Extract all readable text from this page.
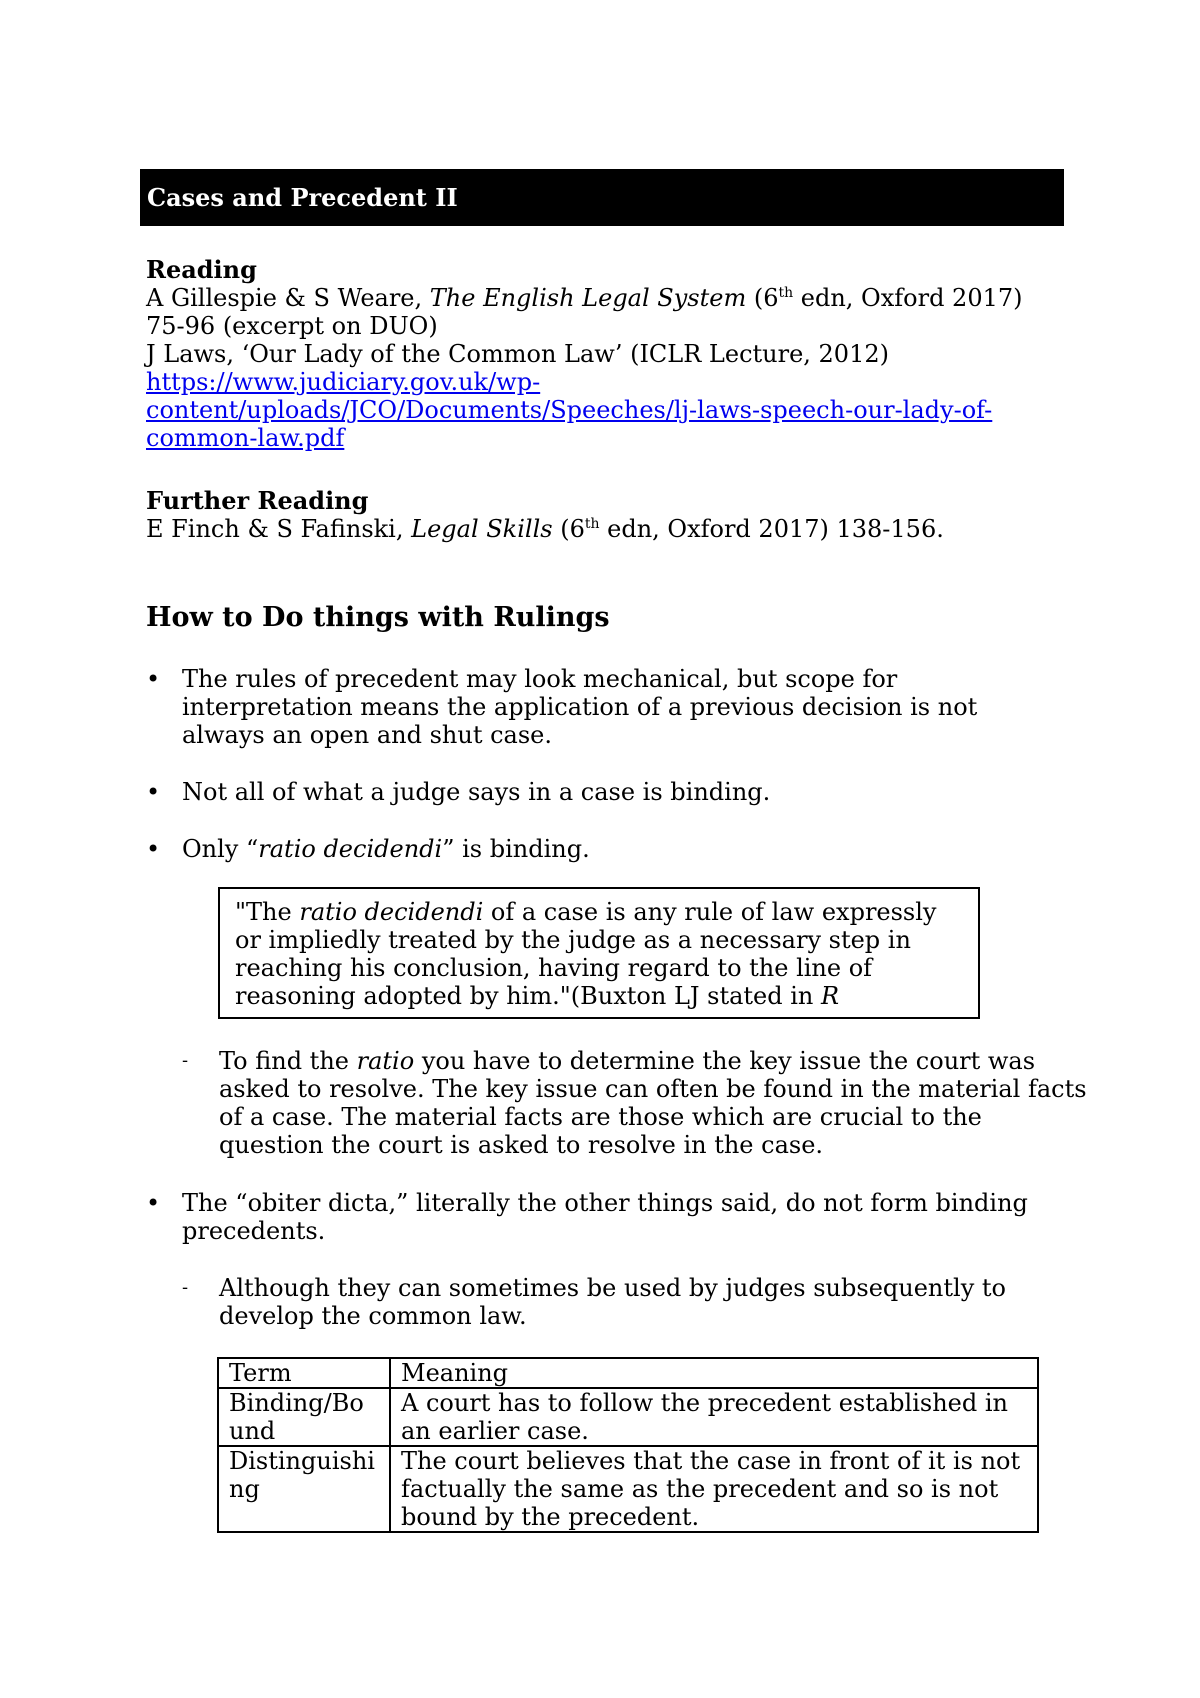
Cases and Precedent II
Reading
A Gillespie & S Weare, The English Legal System (6th edn, Oxford 2017)
75-96 (excerpt on DUO)
J Laws, ‘Our Lady of the Common Law’ (ICLR Lecture, 2012)
https://www.judiciary.gov.uk/wp-
content/uploads/JCO/Documents/Speeches/lj-laws-speech-our-lady-of-
common-law.pdf
Further Reading
E Finch & S Fafinski, Legal Skills (6th edn, Oxford 2017) 138-156.
How to Do things with Rulings
• The rules of precedent may look mechanical, but scope for interpretation means the application of a previous decision is not always an open and shut case.
• Not all of what a judge says in a case is binding.
• Only “ratio decidendi” is binding.
"The ratio decidendi of a case is any rule of law expressly or impliedly treated by the judge as a necessary step in reaching his conclusion, having regard to the line of reasoning adopted by him."(Buxton LJ stated in R
- To find the ratio you have to determine the key issue the court was asked to resolve. The key issue can often be found in the material facts of a case. The material facts are those which are crucial to the question the court is asked to resolve in the case.
• The “obiter dicta,” literally the other things said, do not form binding precedents.
- Although they can sometimes be used by judges subsequently to develop the common law.
Term	Meaning

Binding/Bo
und	A court has to follow the precedent established in an earlier case.

Distinguishi
ng	The court believes that the case in front of it is not factually the same as the precedent and so is not bound by the precedent.
